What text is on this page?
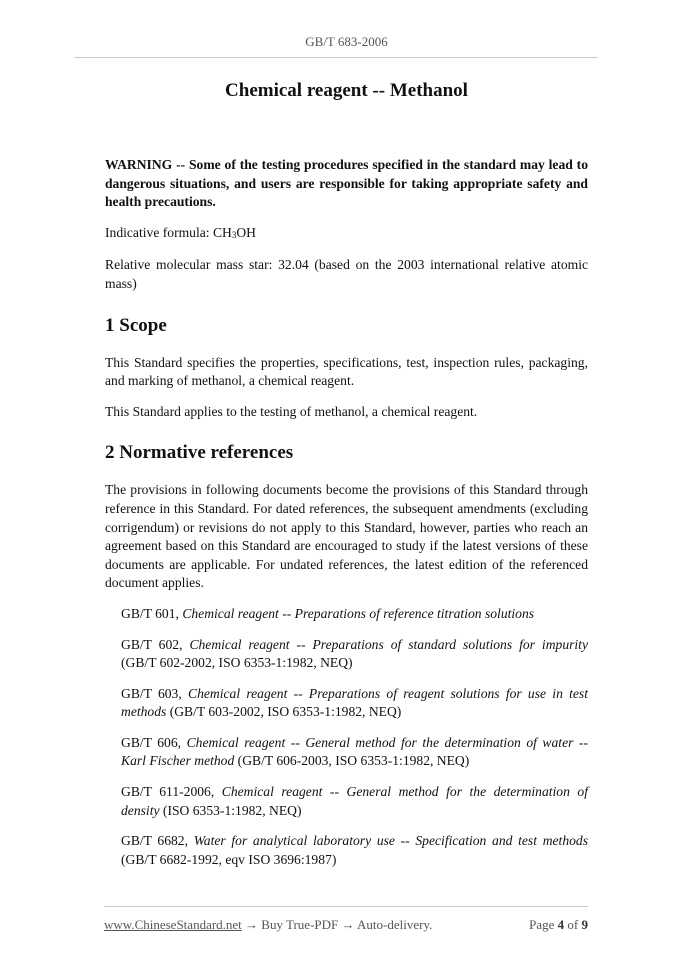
GB/T 683-2006
Chemical reagent -- Methanol

WARNING -- Some of the testing procedures specified in the standard may lead to dangerous situations, and users are responsible for taking appropriate safety and health precautions.

Indicative formula: $CH_3OH$

Relative molecular mass star: 32.04 (based on the 2003 international relative atomic mass)

1 Scope

This Standard specifies the properties, specifications, test, inspection rules, packaging, and marking of methanol, a chemical reagent.

This Standard applies to the testing of methanol, a chemical reagent.

2 Normative references

The provisions in following documents become the provisions of this Standard through reference in this Standard. For dated references, the subsequent amendments (excluding corrigendum) or revisions do not apply to this Standard, however, parties who reach an agreement based on this Standard are encouraged to study if the latest versions of these documents are applicable. For undated references, the latest edition of the referenced document applies.

GB/T 601, Chemical reagent -- Preparations of reference titration solutions

GB/T 602, Chemical reagent -- Preparations of standard solutions for impurity (GB/T 602-2002, ISO 6353-1:1982, NEQ)

GB/T 603, Chemical reagent -- Preparations of reagent solutions for use in test methods (GB/T 603-2002, ISO 6353-1:1982, NEQ)

GB/T 606, Chemical reagent -- General method for the determination of water -- Karl Fischer method (GB/T 606-2003, ISO 6353-1:1982, NEQ)

GB/T 611-2006, Chemical reagent -- General method for the determination of density (ISO 6353-1:1982, NEQ)

GB/T 6682, Water for analytical laboratory use -- Specification and test methods (GB/T 6682-1992, eqv ISO 3696:1987)

www.ChineseStandard.net → Buy True-PDF → Auto-delivery.	Page 4 of 9
